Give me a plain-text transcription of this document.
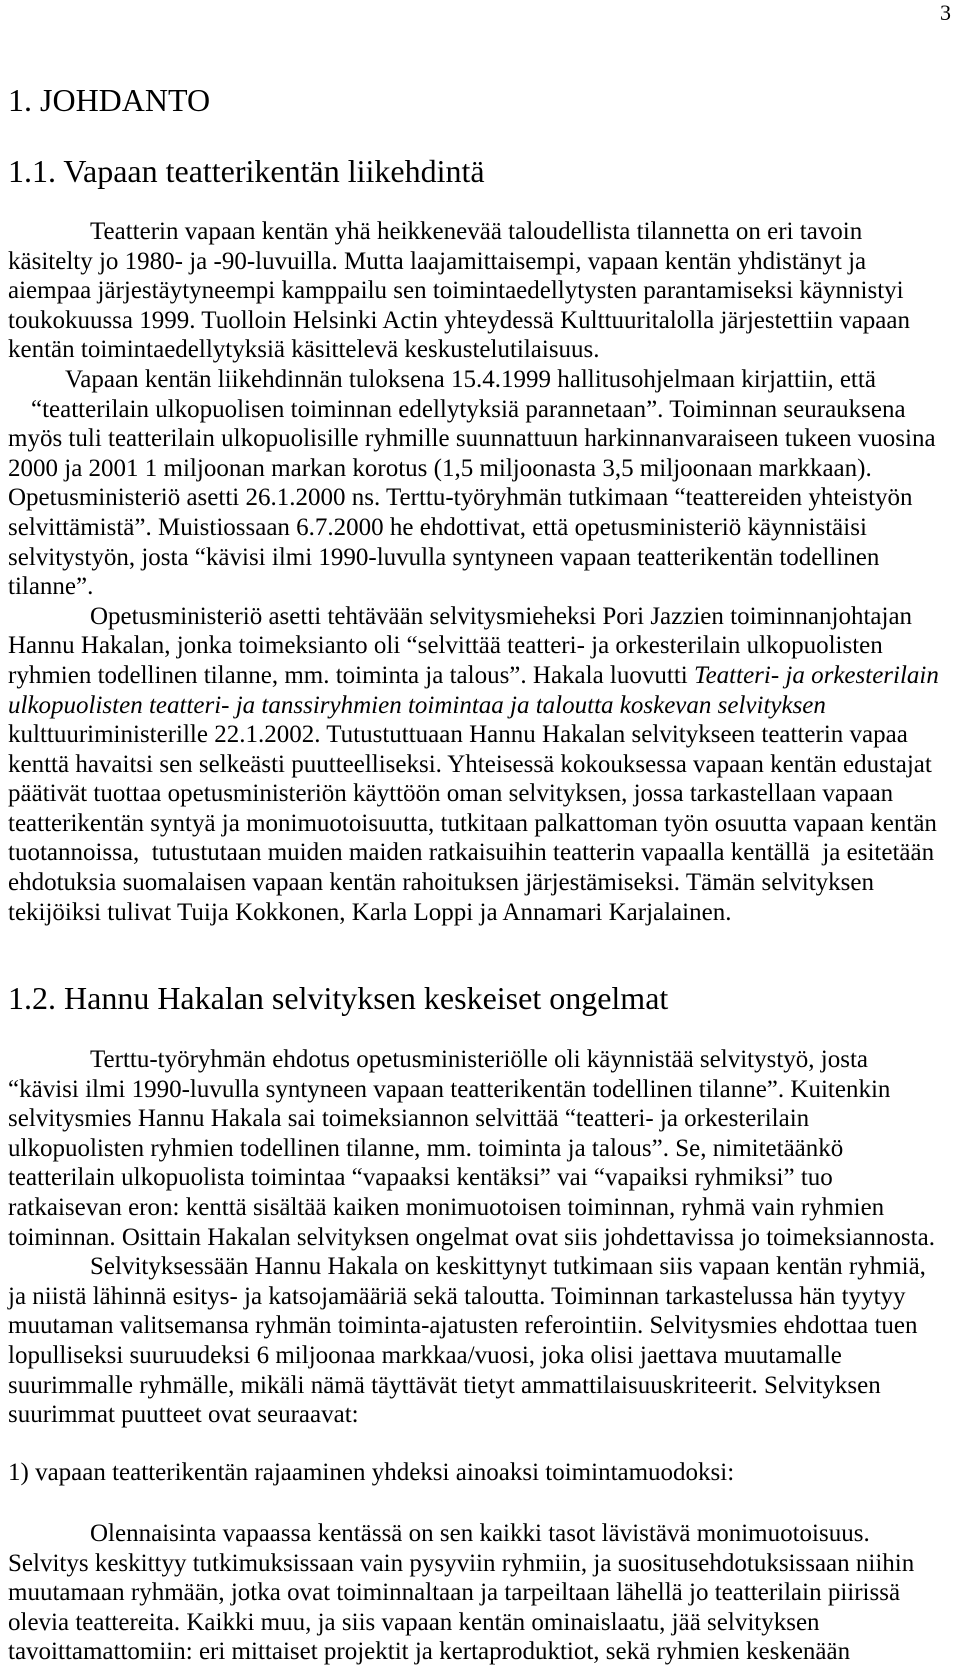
3
1. JOHDANTO
1.1. Vapaan teatterikentän liikehdintä
Teatterin vapaan kentän yhä heikkenevää taloudellista tilannetta on eri tavoin
käsitelty jo 1980- ja -90-luvuilla. Mutta laajamittaisempi, vapaan kentän yhdistänyt ja
aiempaa järjestäytyneempi kamppailu sen toimintaedellytysten parantamiseksi käynnistyi
toukokuussa 1999. Tuolloin Helsinki Actin yhteydessä Kulttuuritalolla järjestettiin vapaan
kentän toimintaedellytyksiä käsittelevä keskustelutilaisuus.
Vapaan kentän liikehdinnän tuloksena 15.4.1999 hallitusohjelmaan kirjattiin, että
“teatterilain ulkopuolisen toiminnan edellytyksiä parannetaan”. Toiminnan seurauksena
myös tuli teatterilain ulkopuolisille ryhmille suunnattuun harkinnanvaraiseen tukeen vuosina
2000 ja 2001 1 miljoonan markan korotus (1,5 miljoonasta 3,5 miljoonaan markkaan).
Opetusministeriö asetti 26.1.2000 ns. Terttu-työryhmän tutkimaan “teattereiden yhteistyön
selvittämistä”. Muistiossaan 6.7.2000 he ehdottivat, että opetusministeriö käynnistäisi
selvitystyön, josta “kävisi ilmi 1990-luvulla syntyneen vapaan teatterikentän todellinen
tilanne”.
Opetusministeriö asetti tehtävään selvitysmieheksi Pori Jazzien toiminnanjohtajan
Hannu Hakalan, jonka toimeksianto oli “selvittää teatteri- ja orkesterilain ulkopuolisten
ryhmien todellinen tilanne, mm. toiminta ja talous”. Hakala luovutti Teatteri- ja orkesterilain
ulkopuolisten teatteri- ja tanssiryhmien toimintaa ja taloutta koskevan selvityksen
kulttuuriministerille 22.1.2002. Tutustuttuaan Hannu Hakalan selvitykseen teatterin vapaa
kenttä havaitsi sen selkeästi puutteelliseksi. Yhteisessä kokouksessa vapaan kentän edustajat
päätivät tuottaa opetusministeriön käyttöön oman selvityksen, jossa tarkastellaan vapaan
teatterikentän syntyä ja monimuotoisuutta, tutkitaan palkattoman työn osuutta vapaan kentän
tuotannoissa,  tutustutaan muiden maiden ratkaisuihin teatterin vapaalla kentällä  ja esitetään
ehdotuksia suomalaisen vapaan kentän rahoituksen järjestämiseksi. Tämän selvityksen
tekijöiksi tulivat Tuija Kokkonen, Karla Loppi ja Annamari Karjalainen.
1.2. Hannu Hakalan selvityksen keskeiset ongelmat
Terttu-työryhmän ehdotus opetusministeriölle oli käynnistää selvitystyö, josta
“kävisi ilmi 1990-luvulla syntyneen vapaan teatterikentän todellinen tilanne”. Kuitenkin
selvitysmies Hannu Hakala sai toimeksiannon selvittää “teatteri- ja orkesterilain
ulkopuolisten ryhmien todellinen tilanne, mm. toiminta ja talous”. Se, nimitetäänkö
teatterilain ulkopuolista toimintaa “vapaaksi kentäksi” vai “vapaiksi ryhmiksi” tuo
ratkaisevan eron: kenttä sisältää kaiken monimuotoisen toiminnan, ryhmä vain ryhmien
toiminnan. Osittain Hakalan selvityksen ongelmat ovat siis johdettavissa jo toimeksiannosta.
Selvityksessään Hannu Hakala on keskittynyt tutkimaan siis vapaan kentän ryhmiä,
ja niistä lähinnä esitys- ja katsojamääriä sekä taloutta. Toiminnan tarkastelussa hän tyytyy
muutaman valitsemansa ryhmän toiminta-ajatusten referointiin. Selvitysmies ehdottaa tuen
lopulliseksi suuruudeksi 6 miljoonaa markkaa/vuosi, joka olisi jaettava muutamalle
suurimmalle ryhmälle, mikäli nämä täyttävät tietyt ammattilaisuuskriteerit. Selvityksen
suurimmat puutteet ovat seuraavat:
1) vapaan teatterikentän rajaaminen yhdeksi ainoaksi toimintamuodoksi:
Olennaisinta vapaassa kentässä on sen kaikki tasot lävistävä monimuotoisuus.
Selvitys keskittyy tutkimuksissaan vain pysyviin ryhmiin, ja suositusehdotuksissaan niihin
muutamaan ryhmään, jotka ovat toiminnaltaan ja tarpeiltaan lähellä jo teatterilain piirissä
olevia teattereita. Kaikki muu, ja siis vapaan kentän ominaislaatu, jää selvityksen
tavoittamattomiin: eri mittaiset projektit ja kertaproduktiot, sekä ryhmien keskenään
